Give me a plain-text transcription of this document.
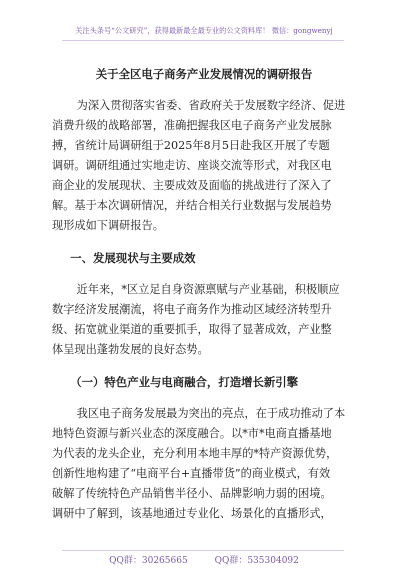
关注头条号“公文研究”，获得最新最全最专业的公文资料库！ 微信：gongwenyj
关于全区电子商务产业发展情况的调研报告
为深入贯彻落实省委、省政府关于发展数字经济、促进
消费升级的战略部署，准确把握我区电子商务产业发展脉
搏，省统计局调研组于2025年8月5日赴我区开展了专题
调研。调研组通过实地走访、座谈交流等形式，对我区电
商企业的发展现状、主要成效及面临的挑战进行了深入了
解。基于本次调研情况，并结合相关行业数据与发展趋势
现形成如下调研报告。
一、发展现状与主要成效
近年来，*区立足自身资源禀赋与产业基础，积极顺应
数字经济发展潮流，将电子商务作为推动区域经济转型升
级、拓宽就业渠道的重要抓手，取得了显著成效，产业整
体呈现出蓬勃发展的良好态势。
（一）特色产业与电商融合，打造增长新引擎
我区电子商务发展最为突出的亮点，在于成功推动了本
地特色资源与新兴业态的深度融合。以*市*电商直播基地
为代表的龙头企业，充分利用本地丰厚的*特产资源优势，
创新性地构建了“电商平台+直播带货”的商业模式，有效
破解了传统特色产品销售半径小、品牌影响力弱的困境。
调研中了解到，该基地通过专业化、场景化的直播形式，
QQ群：30265665	QQ群：535304092
